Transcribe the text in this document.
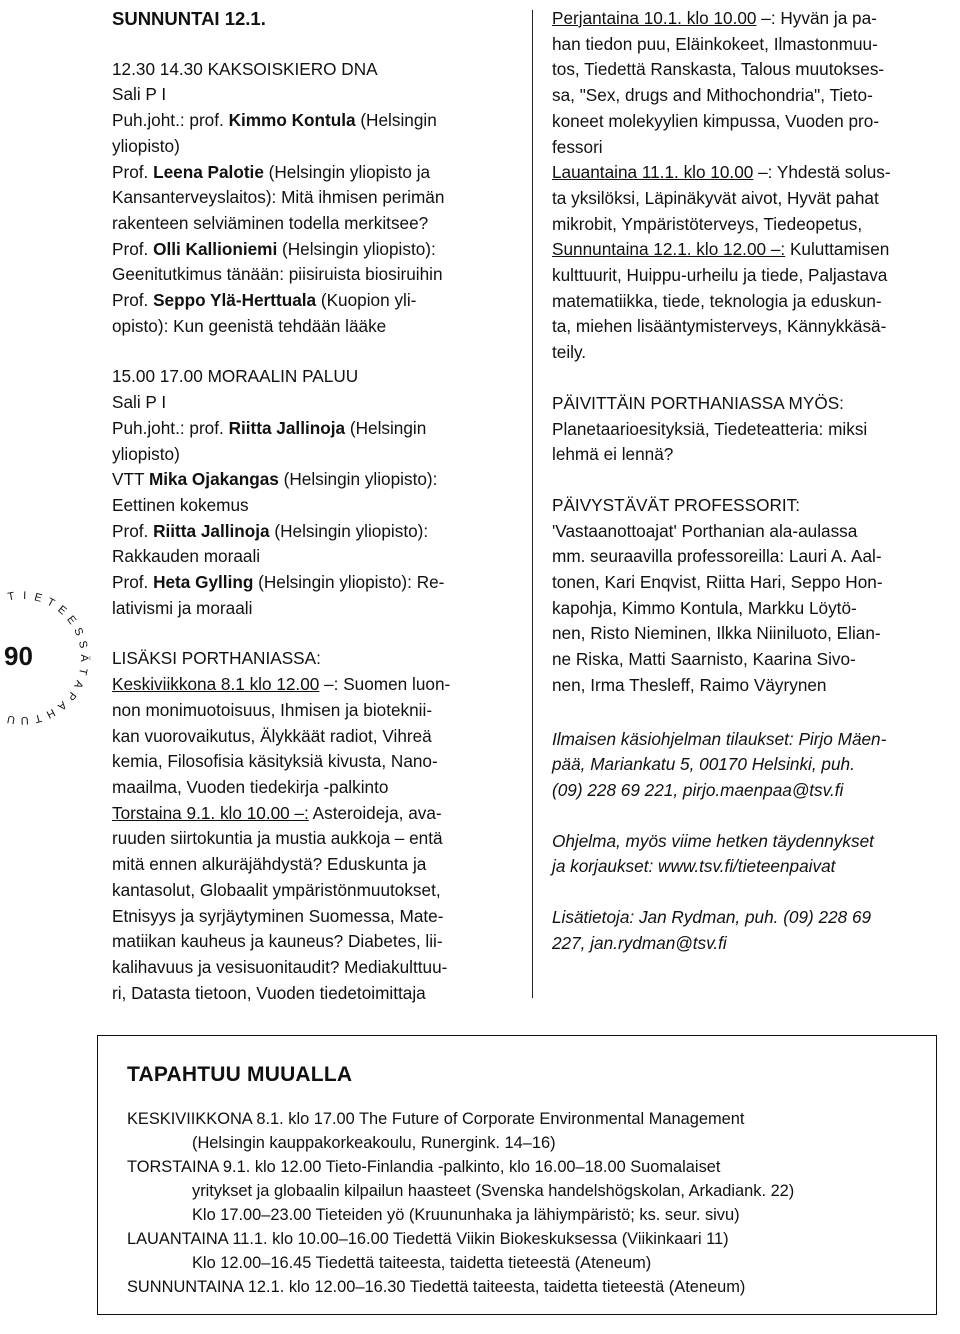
T I E T
E
E
S
S
Ä
T
A
P
A
H
T
U
U
90

SUNNUNTAI 12.1.

12.30 14.30 KAKSOISKIERO DNA

Sali P I

Puh.joht.: prof. Kimmo Kontula (Helsingin

yliopisto)

Prof. Leena Palotie (Helsingin yliopisto ja

Kansanterveyslaitos): Mitä ihmisen perimän

rakenteen selviäminen todella merkitsee?

Prof. Olli Kallioniemi (Helsingin yliopisto):

Geenitutkimus tänään: piisiruista biosiruihin

Prof. Seppo Ylä-Herttuala (Kuopion yli-

opisto): Kun geenistä tehdään lääke

15.00 17.00 MORAALIN PALUU

Sali P I

Puh.joht.: prof. Riitta Jallinoja (Helsingin

yliopisto)

VTT Mika Ojakangas (Helsingin yliopisto):

Eettinen kokemus

Prof. Riitta Jallinoja (Helsingin yliopisto):

Rakkauden moraali

Prof. Heta Gylling (Helsingin yliopisto): Re-

lativismi ja moraali

LISÄKSI PORTHANIASSA:

Keskiviikkona 8.1 klo 12.00 –: Suomen luon-

non monimuotoisuus, Ihmisen ja bioteknii-

kan vuorovaikutus, Älykkäät radiot, Vihreä

kemia, Filosofisia käsityksiä kivusta, Nano-

maailma, Vuoden tiedekirja -palkinto

Torstaina 9.1. klo 10.00 –: Asteroideja, ava-

ruuden siirtokuntia ja mustia aukkoja – entä

mitä ennen alkuräjähdystä? Eduskunta ja

kantasolut, Globaalit ympäristönmuutokset,

Etnisyys ja syrjäytyminen Suomessa, Mate-

matiikan kauheus ja kauneus? Diabetes, lii-

kalihavuus ja vesisuonitaudit? Mediakulttuu-

ri, Datasta tietoon, Vuoden tiedetoimittaja

Perjantaina 10.1. klo 10.00 –: Hyvän ja pa-

han tiedon puu, Eläinkokeet, Ilmastonmuu-

tos, Tiedettä Ranskasta, Talous muutokses-

sa, "Sex, drugs and Mithochondria", Tieto-

koneet molekyylien kimpussa, Vuoden pro-

fessori

Lauantaina 11.1. klo 10.00 –: Yhdestä solus-

ta yksilöksi, Läpinäkyvät aivot, Hyvät pahat

mikrobit, Ympäristöterveys, Tiedeopetus,

Sunnuntaina 12.1. klo 12.00 –: Kuluttamisen

kulttuurit, Huippu-urheilu ja tiede, Paljastava

matematiikka, tiede, teknologia ja eduskun-

ta, miehen lisääntymisterveys, Kännykkäsä-

teily.

PÄIVITTÄIN PORTHANIASSA MYÖS:

Planetaarioesityksiä, Tiedeteatteria: miksi

lehmä ei lennä?

PÄIVYSTÄVÄT PROFESSORIT:

'Vastaanottoajat' Porthanian ala-aulassa

mm. seuraavilla professoreilla: Lauri A. Aal-

tonen, Kari Enqvist, Riitta Hari, Seppo Hon-

kapohja, Kimmo Kontula, Markku Löytö-

nen, Risto Nieminen, Ilkka Niiniluoto, Elian-

ne Riska, Matti Saarnisto, Kaarina Sivo-

nen, Irma Thesleff, Raimo Väyrynen

Ilmaisen käsiohjelman tilaukset: Pirjo Mäen-

pää, Mariankatu 5, 00170 Helsinki, puh.

(09) 228 69 221, pirjo.maenpaa@tsv.fi

Ohjelma, myös viime hetken täydennykset

ja korjaukset: www.tsv.fi/tieteenpaivat

Lisätietoja: Jan Rydman, puh. (09) 228 69

227, jan.rydman@tsv.fi

TAPAHTUU MUUALLA
KESKIVIIKKONA 8.1. klo 17.00 The Future of Corporate Environmental Management
(Helsingin kauppakorkeakoulu, Runergink. 14–16)
TORSTAINA 9.1. klo 12.00 Tieto-Finlandia -palkinto, klo 16.00–18.00 Suomalaiset
yritykset ja globaalin kilpailun haasteet (Svenska handelshögskolan, Arkadiank. 22)
Klo 17.00–23.00 Tieteiden yö (Kruununhaka ja lähiympäristö; ks. seur. sivu)
LAUANTAINA 11.1. klo 10.00–16.00 Tiedettä Viikin Biokeskuksessa (Viikinkaari 11)
Klo 12.00–16.45 Tiedettä taiteesta, taidetta tieteestä (Ateneum)
SUNNUNTAINA 12.1. klo 12.00–16.30 Tiedettä taiteesta, taidetta tieteestä (Ateneum)
